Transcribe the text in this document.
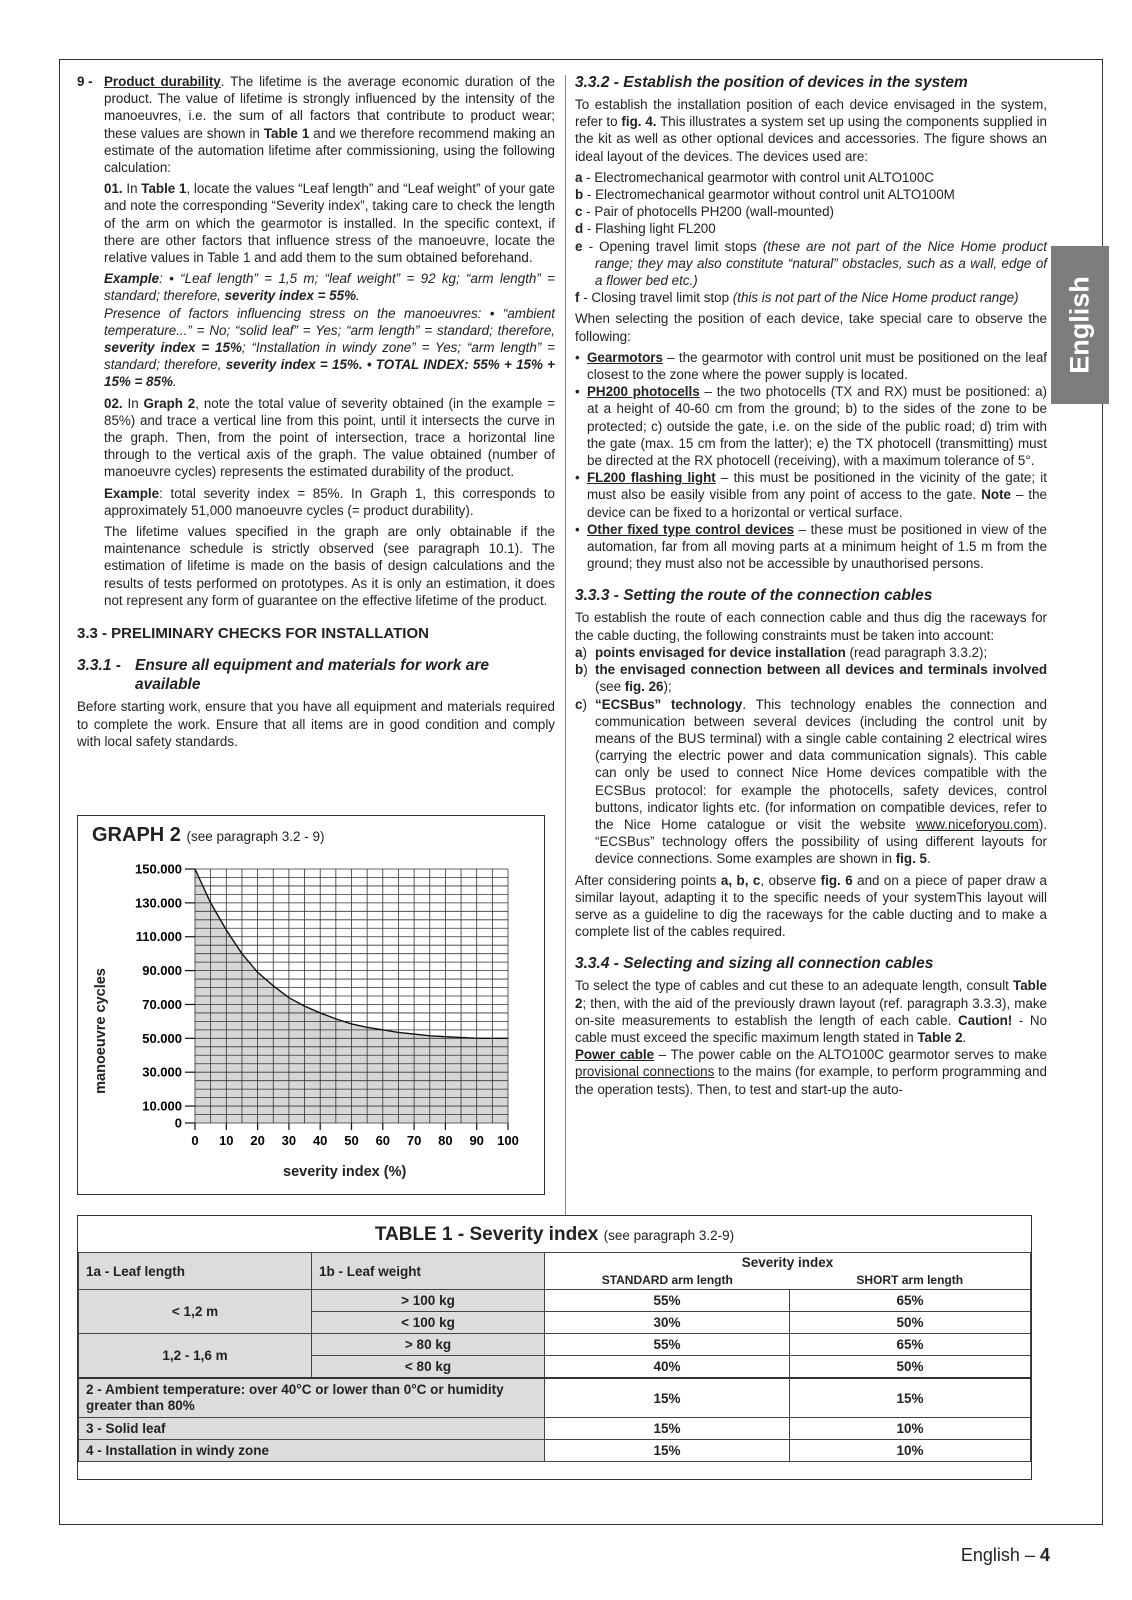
English
9 - Product durability. The lifetime is the average economic duration of the product. The value of lifetime is strongly influenced by the intensity of the manoeuvres, i.e. the sum of all factors that contribute to product wear; these values are shown in Table 1 and we therefore recommend making an estimate of the automation lifetime after commissioning, using the following calculation:

01. In Table 1, locate the values “Leaf length” and “Leaf weight” of your gate and note the corresponding “Severity index”, taking care to check the length of the arm on which the gearmotor is installed. In the specific context, if there are other factors that influence stress of the manoeuvre, locate the relative values in Table 1 and add them to the sum obtained beforehand.

Example: • “Leaf length” = 1,5 m; “leaf weight” = 92 kg; “arm length” = standard; therefore, severity index = 55%.
Presence of factors influencing stress on the manoeuvres: • “ambient temperature...” = No; “solid leaf” = Yes; “arm length” = standard; therefore, severity index = 15%; “Installation in windy zone” = Yes; “arm length” = standard; therefore, severity index = 15%. • TOTAL INDEX: 55% + 15% + 15% = 85%.

02. In Graph 2, note the total value of severity obtained (in the example = 85%) and trace a vertical line from this point, until it intersects the curve in the graph. Then, from the point of intersection, trace a horizontal line through to the vertical axis of the graph. The value obtained (number of manoeuvre cycles) represents the estimated durability of the product.

Example: total severity index = 85%. In Graph 1, this corresponds to approximately 51,000 manoeuvre cycles (= product durability).

The lifetime values specified in the graph are only obtainable if the maintenance schedule is strictly observed (see paragraph 10.1). The estimation of lifetime is made on the basis of design calculations and the results of tests performed on prototypes. As it is only an estimation, it does not represent any form of guarantee on the effective lifetime of the product.

3.3 - PRELIMINARY CHECKS FOR INSTALLATION
3.3.1 - Ensure all equipment and materials for work are available

Before starting work, ensure that you have all equipment and materials required to complete the work. Ensure that all items are in good condition and comply with local safety standards.

GRAPH 2 (see paragraph 3.2 - 9)
manoeuvre cycles
0
10.000
30.000
50.000
70.000
90.000
110.000
130.000
150.000
0 10 20 30 40 50 60 70 80 90 100
severity index (%)
3.3.2 - Establish the position of devices in the system

To establish the installation position of each device envisaged in the system, refer to fig. 4. This illustrates a system set up using the components supplied in the kit as well as other optional devices and accessories. The figure shows an ideal layout of the devices. The devices used are:

a - Electromechanical gearmotor with control unit ALTO100C
b - Electromechanical gearmotor without control unit ALTO100M
c - Pair of photocells PH200 (wall-mounted)
d - Flashing light FL200
e - Opening travel limit stops (these are not part of the Nice Home product range; they may also constitute “natural” obstacles, such as a wall, edge of a flower bed etc.)
f - Closing travel limit stop (this is not part of the Nice Home product range)

When selecting the position of each device, take special care to observe the following:

• Gearmotors – the gearmotor with control unit must be positioned on the leaf closest to the zone where the power supply is located.
• PH200 photocells – the two photocells (TX and RX) must be positioned: a) at a height of 40-60 cm from the ground; b) to the sides of the zone to be protected; c) outside the gate, i.e. on the side of the public road; d) trim with the gate (max. 15 cm from the latter); e) the TX photocell (transmitting) must be directed at the RX photocell (receiving), with a maximum tolerance of 5°.
• FL200 flashing light – this must be positioned in the vicinity of the gate; it must also be easily visible from any point of access to the gate. Note – the device can be fixed to a horizontal or vertical surface.
• Other fixed type control devices – these must be positioned in view of the automation, far from all moving parts at a minimum height of 1.5 m from the ground; they must also not be accessible by unauthorised persons.
3.3.3 - Setting the route of the connection cables

To establish the route of each connection cable and thus dig the raceways for the cable ducting, the following constraints must be taken into account:

a) points envisaged for device installation (read paragraph 3.3.2);
b) the envisaged connection between all devices and terminals involved (see fig. 26);
c) “ECSBus” technology. This technology enables the connection and communication between several devices (including the control unit by means of the BUS terminal) with a single cable containing 2 electrical wires (carrying the electric power and data communication signals). This cable can only be used to connect Nice Home devices compatible with the ECSBus protocol: for example the photocells, safety devices, control buttons, indicator lights etc. (for information on compatible devices, refer to the Nice Home catalogue or visit the website www.niceforyou.com). “ECSBus” technology offers the possibility of using different layouts for device connections. Some examples are shown in fig. 5.

After considering points a, b, c, observe fig. 6 and on a piece of paper draw a similar layout, adapting it to the specific needs of your systemThis layout will serve as a guideline to dig the raceways for the cable ducting and to make a complete list of the cables required.

3.3.4 - Selecting and sizing all connection cables

To select the type of cables and cut these to an adequate length, consult Table 2; then, with the aid of the previously drawn layout (ref. paragraph 3.3.3), make on-site measurements to establish the length of each cable. Caution! - No cable must exceed the specific maximum length stated in Table 2.

Power cable – The power cable on the ALTO100C gearmotor serves to make provisional connections to the mains (for example, to perform programming and the operation tests). Then, to test and start-up the auto-

TABLE 1 - Severity index (see paragraph 3.2-9)
1a - Leaf length	1b - Leaf weight	Severity index	
		STANDARD arm length	SHORT arm length
< 1,2 m	> 100 kg	55%	65%
	< 100 kg	30%	50%
1,2 - 1,6 m	> 80 kg	55%	65%
	< 80 kg	40%	50%
2 - Ambient temperature: over 40°C or lower than 0°C or humidity greater than 80%		15%	15%
3 - Solid leaf		15%	10%
4 - Installation in windy zone		15%	10%
English – 4
